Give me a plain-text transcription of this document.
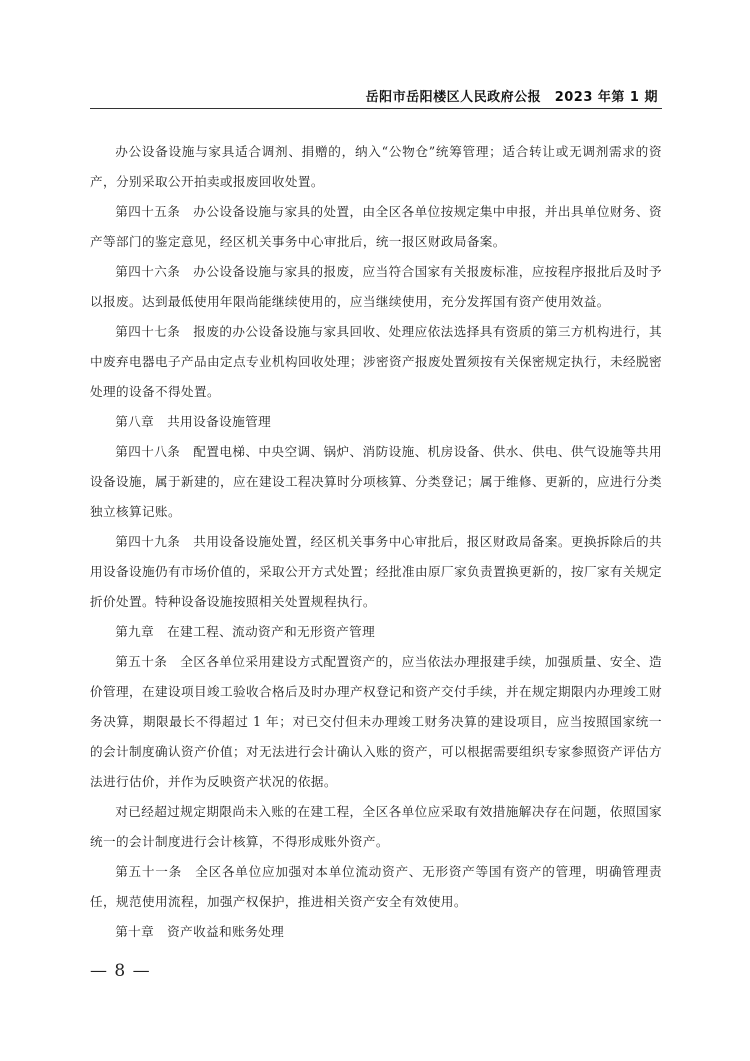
岳阳市岳阳楼区人民政府公报　 2023 年第 1 期

办公设备设施与家具适合调剂、捐赠的，纳入“公物仓”统筹管理；适合转让或无调剂需求的资产，分别采取公开拍卖或报废回收处置。

第四十五条　办公设备设施与家具的处置，由全区各单位按规定集中申报，并出具单位财务、资产等部门的鉴定意见，经区机关事务中心审批后，统一报区财政局备案。

第四十六条　办公设备设施与家具的报废，应当符合国家有关报废标准，应按程序报批后及时予以报废。达到最低使用年限尚能继续使用的，应当继续使用，充分发挥国有资产使用效益。

第四十七条　报废的办公设备设施与家具回收、处理应依法选择具有资质的第三方机构进行，其中废弃电器电子产品由定点专业机构回收处理；涉密资产报废处置须按有关保密规定执行，未经脱密处理的设备不得处置。

第八章　共用设备设施管理

第四十八条　配置电梯、中央空调、锅炉、消防设施、机房设备、供水、供电、供气设施等共用设备设施，属于新建的，应在建设工程决算时分项核算、分类登记；属于维修、更新的，应进行分类独立核算记账。

第四十九条　共用设备设施处置，经区机关事务中心审批后，报区财政局备案。更换拆除后的共用设备设施仍有市场价值的，采取公开方式处置；经批准由原厂家负责置换更新的，按厂家有关规定折价处置。特种设备设施按照相关处置规程执行。

第九章　在建工程、流动资产和无形资产管理

第五十条　全区各单位采用建设方式配置资产的，应当依法办理报建手续，加强质量、安全、造价管理，在建设项目竣工验收合格后及时办理产权登记和资产交付手续，并在规定期限内办理竣工财务决算，期限最长不得超过 1 年；对已交付但未办理竣工财务决算的建设项目，应当按照国家统一的会计制度确认资产价值；对无法进行会计确认入账的资产，可以根据需要组织专家参照资产评估方法进行估价，并作为反映资产状况的依据。

对已经超过规定期限尚未入账的在建工程，全区各单位应采取有效措施解决存在问题，依照国家统一的会计制度进行会计核算，不得形成账外资产。

第五十一条　全区各单位应加强对本单位流动资产、无形资产等国有资产的管理，明确管理责任，规范使用流程，加强产权保护，推进相关资产安全有效使用。

第十章　资产收益和账务处理

— 8 —
